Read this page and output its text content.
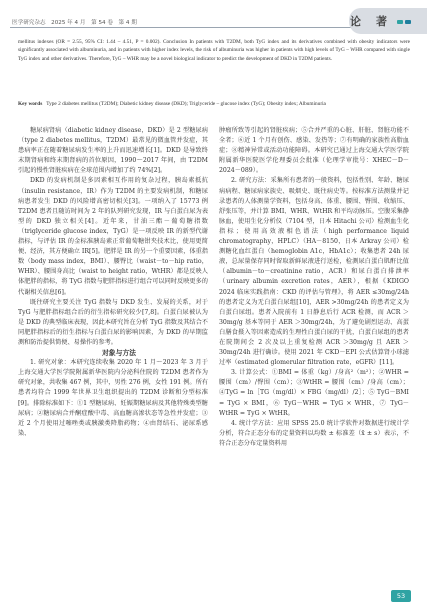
医学研究杂志　2025 年 4 月　第 54 卷　第 4 期	论　著

mellitus indexes (OR = 2.55, 95% CI: 1.44 – 4.51, P = 0.002). Conclusion In patients with T2DM, both TyG index and its derivatives combined with obesity indicators were significantly associated with albuminuria, and in patients with higher index levels, the risk of albuminuria was higher in patients with high levels of TyG – WHR compared with single TyG index and other derivatives. Therefore, TyG – WHR may be a novel biological indicator to predict the development of DKD in T2DM patients.

Key words Type 2 diabetes mellitus (T2DM); Diabetic kidney disease (DKD); Triglyceride – glucose index (TyG); Obesity index; Albuminuria

糖尿病肾病（diabetic kidney disease，DKD）是 2 型糖尿病（type 2 diabetes mellitus，T2DM）最常见的微血管并发症，其患病率正在随着糖尿病发生率的上升而迅速增长[1]。DKD 是导致终末期肾病和终末期肾病的首位原因，1990～2017 年间，由 T2DM 引起的慢性肾脏疾病在全球范围内增加了约 74%[2]。

DKD 的发病机制是多因素相互作用的复杂过程，胰岛素抵抗（insulin resistance，IR）作为 T2DM 的主要发病机制，和糖尿病患者发生 DKD 的风险增高密切相关[3]。一项纳入了 15773 例 T2DM 患者且随访时间为 2 年的队列研究发现，IR 与白蛋白尿为表型的 DKD 独立相关[4]。近年来，甘油三酯－葡萄糖指数（triglyceride glucose index，TyG）是一项反映 IR 的新型代谢指标，与评估 IR 的金标准胰岛素正常葡萄糖钳夹技术比，使用更简便、经济，其方便确立 IR[5]。肥胖是 IR 的另一个重要因素，体重指数（body mass index，BMI）、腰臀比（waist－to－hip ratio，WHR）、腰围身高比（waist to height ratio，WtHR）都是反映人体肥胖的指标，将 TyG 指数与肥胖指标进行组合可以同时反映更多的代谢相关信息[6]。

既往研究主要关注 TyG 指数与 DKD 发生、发展的关系，对于 TyG 与肥胖指标组合后的衍生指标研究较少[7,8]。白蛋白尿被认为是 DKD 的典型临床表现，因此本研究旨在分析 TyG 指数及其结合不同肥胖指标后的衍生指标与白蛋白尿的影响因素，为 DKD 的早期监测和防治提供简便、易操作的参考。

对象与方法

1. 研究对象：本研究连续收集 2020 年 1 月～2023 年 3 月于上海交通大学医学院附属新华医院内分泌科住院的 T2DM 患者作为研究对象，共收集 467 例，其中，男性 276 例，女性 191 例。所有患者均符合 1999 年世界卫生组织提出的 T2DM 诊断和分型标准[9]。排除标准如下：①1 型糖尿病、妊娠期糖尿病及其他特殊类型糖尿病；②糖尿病合并酮症酸中毒、高血糖高渗状态等急性并发症；③近 2 个月使用过噻唑类或胰激类降脂药物；④由肾结石、泌尿系感染、

肿瘤所致等引起的肾脏疾病；⑤合并严重的心脏、肝脏、肾脏功能不全者；⑥近 1 个月有创伤、感染、发热等；⑦有明确的家族性高脂血症；⑧精神异常或活动功能障碍。本研究已通过上海交通大学医学院附属新华医院医学伦理委员会批准（伦理学审批号：XHEC－D－2024－089）。

2. 研究方法：采集所有患者的一般资料，包括性别、年龄、糖尿病病程、糖尿病家族史、吸烟史、既往病史等。按标准方法测量并记录患者的人体测量学资料，包括身高、体重、腰围、臀围、收缩压、舒张压等，并计算 BMI、WHR、WtHR 和平均动脉压。空腹采集静脉血，使用生化分析仪（7104 型，日本 Hitachi 公司）检测血生化指标；使用高效液相色谱法（high performance liquid chromatography，HPLC）（HA－8150，日本 Arkray 公司）检测糖化血红蛋白（hemoglobin A1c，HbA1c）；收集患者 24h 尿液，总尿量保存同时留取新鲜尿液进行送检，检测尿白蛋白肌酐比值（albumin－to－creatinine ratio，ACR）和尿白蛋白排泄率（urinary albumin excretion rates，AER），根据《KDIGO 2024 临床实践指南：CKD 的评估与管理》，将 AER ≤30mg/24h 的患者定义为无白蛋白尿组[10]，AER >30mg/24h 的患者定义为白蛋白尿组。患者入院前有 1 日静息后行 ACR 检测，而 ACR ＞30mg/g 基本等同于 AER ＞30mg/24h，为了避免剧烈运动、高蛋白膳食摄入等因素造成的生理性白蛋白尿的干扰，白蛋白尿组的患者在院期间会 2 次及以上重复检测 ACR ＞30mg/g 且 AER ＞30mg/24h 进行确诊。使用 2021 年 CKD－EPI 公式估算肾小球滤过率（estimated glomerular filtration rate，eGFR）[11]。

3. 计算公式：①BMI = 体重（kg）/身高²（m²）；②WHR = 腰围（cm）/臀围（cm）；③WtHR = 腰围（cm）/身高（cm）；④TyG = ln［TG（mg/dl）× FBG（mg/dl）/2］；⑤ TyG－BMI = TyG × BMI，⑥ TyG－WHR = TyG × WHR，⑦ TyG－WtHR = TyG × WtHR。

4. 统计学方法：应用 SPSS 25.0 统计学软件对数据进行统计学分析，符合正态分布的定量资料以均数 ± 标准差（x̄ ± s）表示，不符合正态分布定量资料用

53
